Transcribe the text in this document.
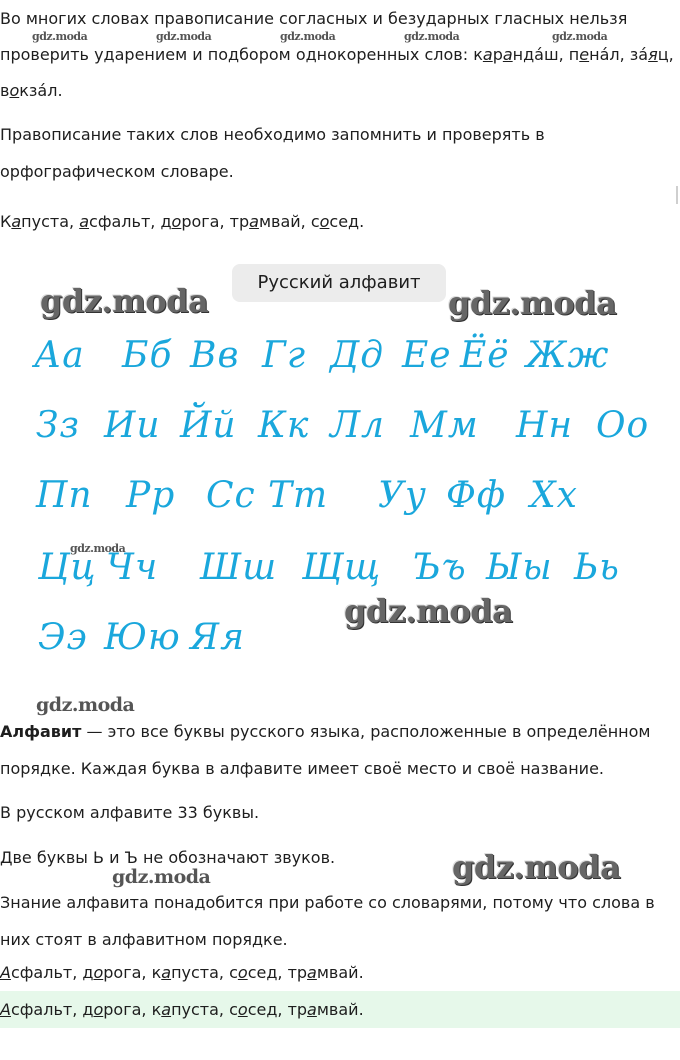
Во многих словах правописание согласных и безударных гласных нельзя

проверить ударением и подбором однокоренных слов: каранда́ш, пена́л, за́яц,

вокза́л.

Правописание таких слов необходимо запомнить и проверять в

орфографическом словаре.

Капуста, асфальт, дорога, трамвай, сосед.

Русский алфавит
Аа Бб Вв Гг Дд Ее Ёё Жж
Зз Ии Йй Кк Лл Мм Нн Оо
Пп Рр Сс Тт Уу Фф Хх
Цц Чч Шш Щщ Ъъ Ыы Ьь
Ээ Юю Яя

Алфавит — это все буквы русского языка, расположенные в определённом

порядке. Каждая буква в алфавите имеет своё место и своё название.

В русском алфавите 33 буквы.

Две буквы Ь и Ъ не обозначают звуков.

Знание алфавита понадобится при работе со словарями, потому что слова в

них стоят в алфавитном порядке.

Асфальт, дорога, капуста, сосед, трамвай.

Асфальт, дорога, капуста, сосед, трамвай.

gdz.moda	gdz.moda	gdz.moda	gdz.moda	gdz.moda
gdz.moda	gdz.moda
gdz.moda
gdz.moda
gdz.moda
gdz.moda
gdz.moda
